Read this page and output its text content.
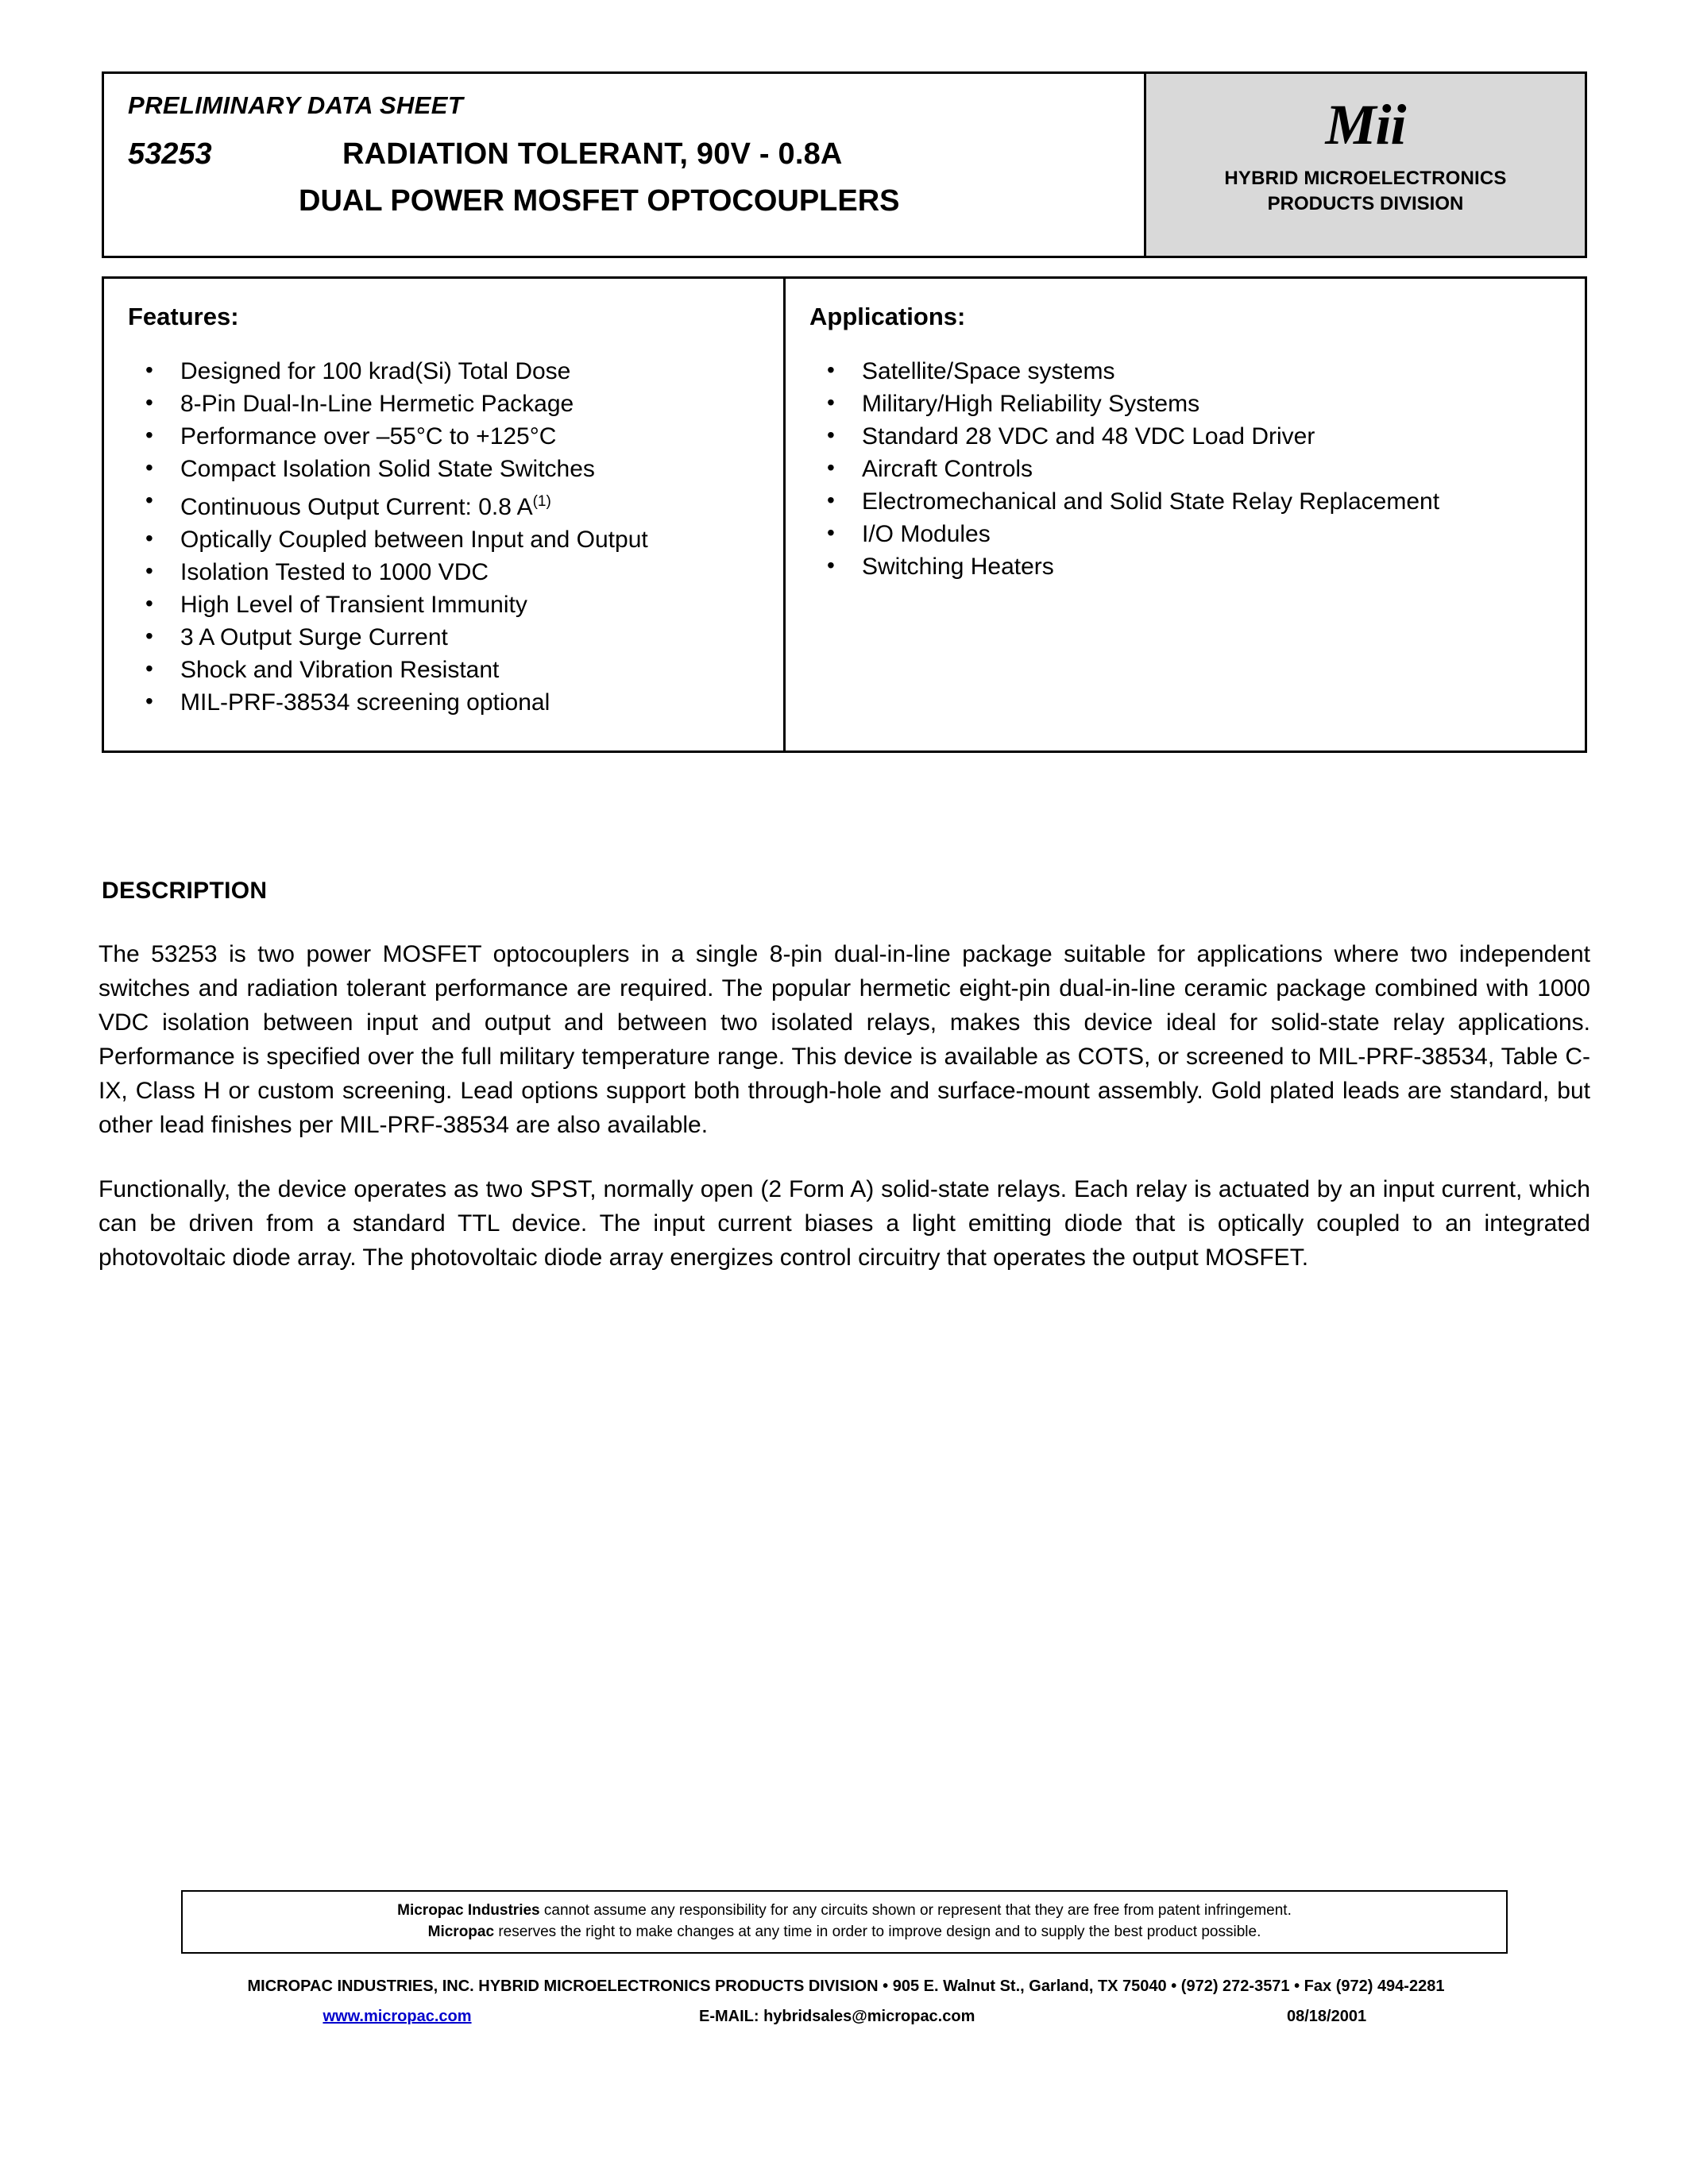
PRELIMINARY DATA SHEET
53253	RADIATION TOLERANT, 90V - 0.8A
DUAL POWER MOSFET OPTOCOUPLERS
Mii
HYBRID MICROELECTRONICS
PRODUCTS DIVISION
Features:
• Designed for 100 krad(Si) Total Dose
• 8-Pin Dual-In-Line Hermetic Package
• Performance over –55°C to +125°C
• Compact Isolation Solid State Switches
• Continuous Output Current: 0.8 $A^{(1)}$
• Optically Coupled between Input and Output
• Isolation Tested to 1000 VDC
• High Level of Transient Immunity
• 3 A Output Surge Current
• Shock and Vibration Resistant
• MIL-PRF-38534 screening optional
Applications:
• Satellite/Space systems
• Military/High Reliability Systems
• Standard 28 VDC and 48 VDC Load Driver
• Aircraft Controls
• Electromechanical and Solid State Relay Replacement
• I/O Modules
• Switching Heaters
DESCRIPTION

The 53253 is two power MOSFET optocouplers in a single 8-pin dual-in-line package suitable for applications where two independent switches and radiation tolerant performance are required. The popular hermetic eight-pin dual-in-line ceramic package combined with 1000 VDC isolation between input and output and between two isolated relays, makes this device ideal for solid-state relay applications. Performance is specified over the full military temperature range. This device is available as COTS, or screened to MIL-PRF-38534, Table C-IX, Class H or custom screening. Lead options support both through-hole and surface-mount assembly. Gold plated leads are standard, but other lead finishes per MIL-PRF-38534 are also available.

Functionally, the device operates as two SPST, normally open (2 Form A) solid-state relays. Each relay is actuated by an input current, which can be driven from a standard TTL device. The input current biases a light emitting diode that is optically coupled to an integrated photovoltaic diode array. The photovoltaic diode array energizes control circuitry that operates the output MOSFET.

Micropac Industries cannot assume any responsibility for any circuits shown or represent that they are free from patent infringement.
Micropac reserves the right to make changes at any time in order to improve design and to supply the best product possible.
MICROPAC INDUSTRIES, INC. HYBRID MICROELECTRONICS PRODUCTS DIVISION • 905 E. Walnut St., Garland, TX 75040 • (972) 272-3571 • Fax (972) 494-2281
www.micropac.com	E-MAIL: hybridsales@micropac.com	08/18/2001
